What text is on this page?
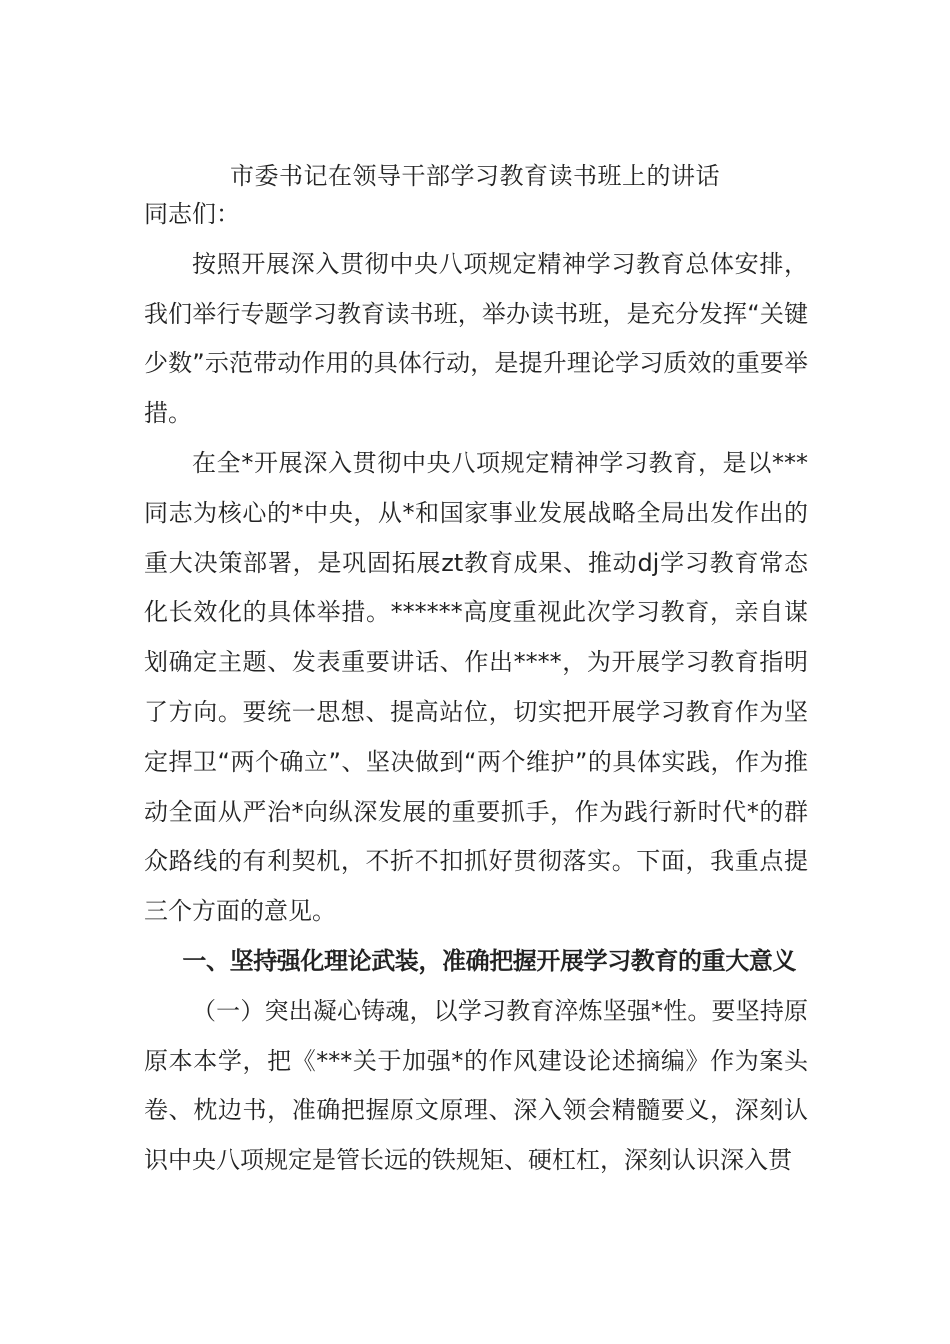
市委书记在领导干部学习教育读书班上的讲话

同志们：

按照开展深入贯彻中央八项规定精神学习教育总体安排，我们举行专题学习教育读书班，举办读书班，是充分发挥“关键少数”示范带动作用的具体行动，是提升理论学习质效的重要举措。

在全*开展深入贯彻中央八项规定精神学习教育，是以***同志为核心的*中央，从*和国家事业发展战略全局出发作出的重大决策部署，是巩固拓展zt教育成果、推动dj学习教育常态化长效化的具体举措。******高度重视此次学习教育，亲自谋划确定主题、发表重要讲话、作出****，为开展学习教育指明了方向。要统一思想、提高站位，切实把开展学习教育作为坚定捍卫“两个确立”、坚决做到“两个维护”的具体实践，作为推动全面从严治*向纵深发展的重要抓手，作为践行新时代*的群众路线的有利契机，不折不扣抓好贯彻落实。下面，我重点提三个方面的意见。

一、坚持强化理论武装，准确把握开展学习教育的重大意义

（一）突出凝心铸魂，以学习教育淬炼坚强*性。要坚持原原本本学，把《***关于加强*的作风建设论述摘编》作为案头卷、枕边书，准确把握原文原理、深入领会精髓要义，深刻认识中央八项规定是管长远的铁规矩、硬杠杠，深刻认识深入贯
